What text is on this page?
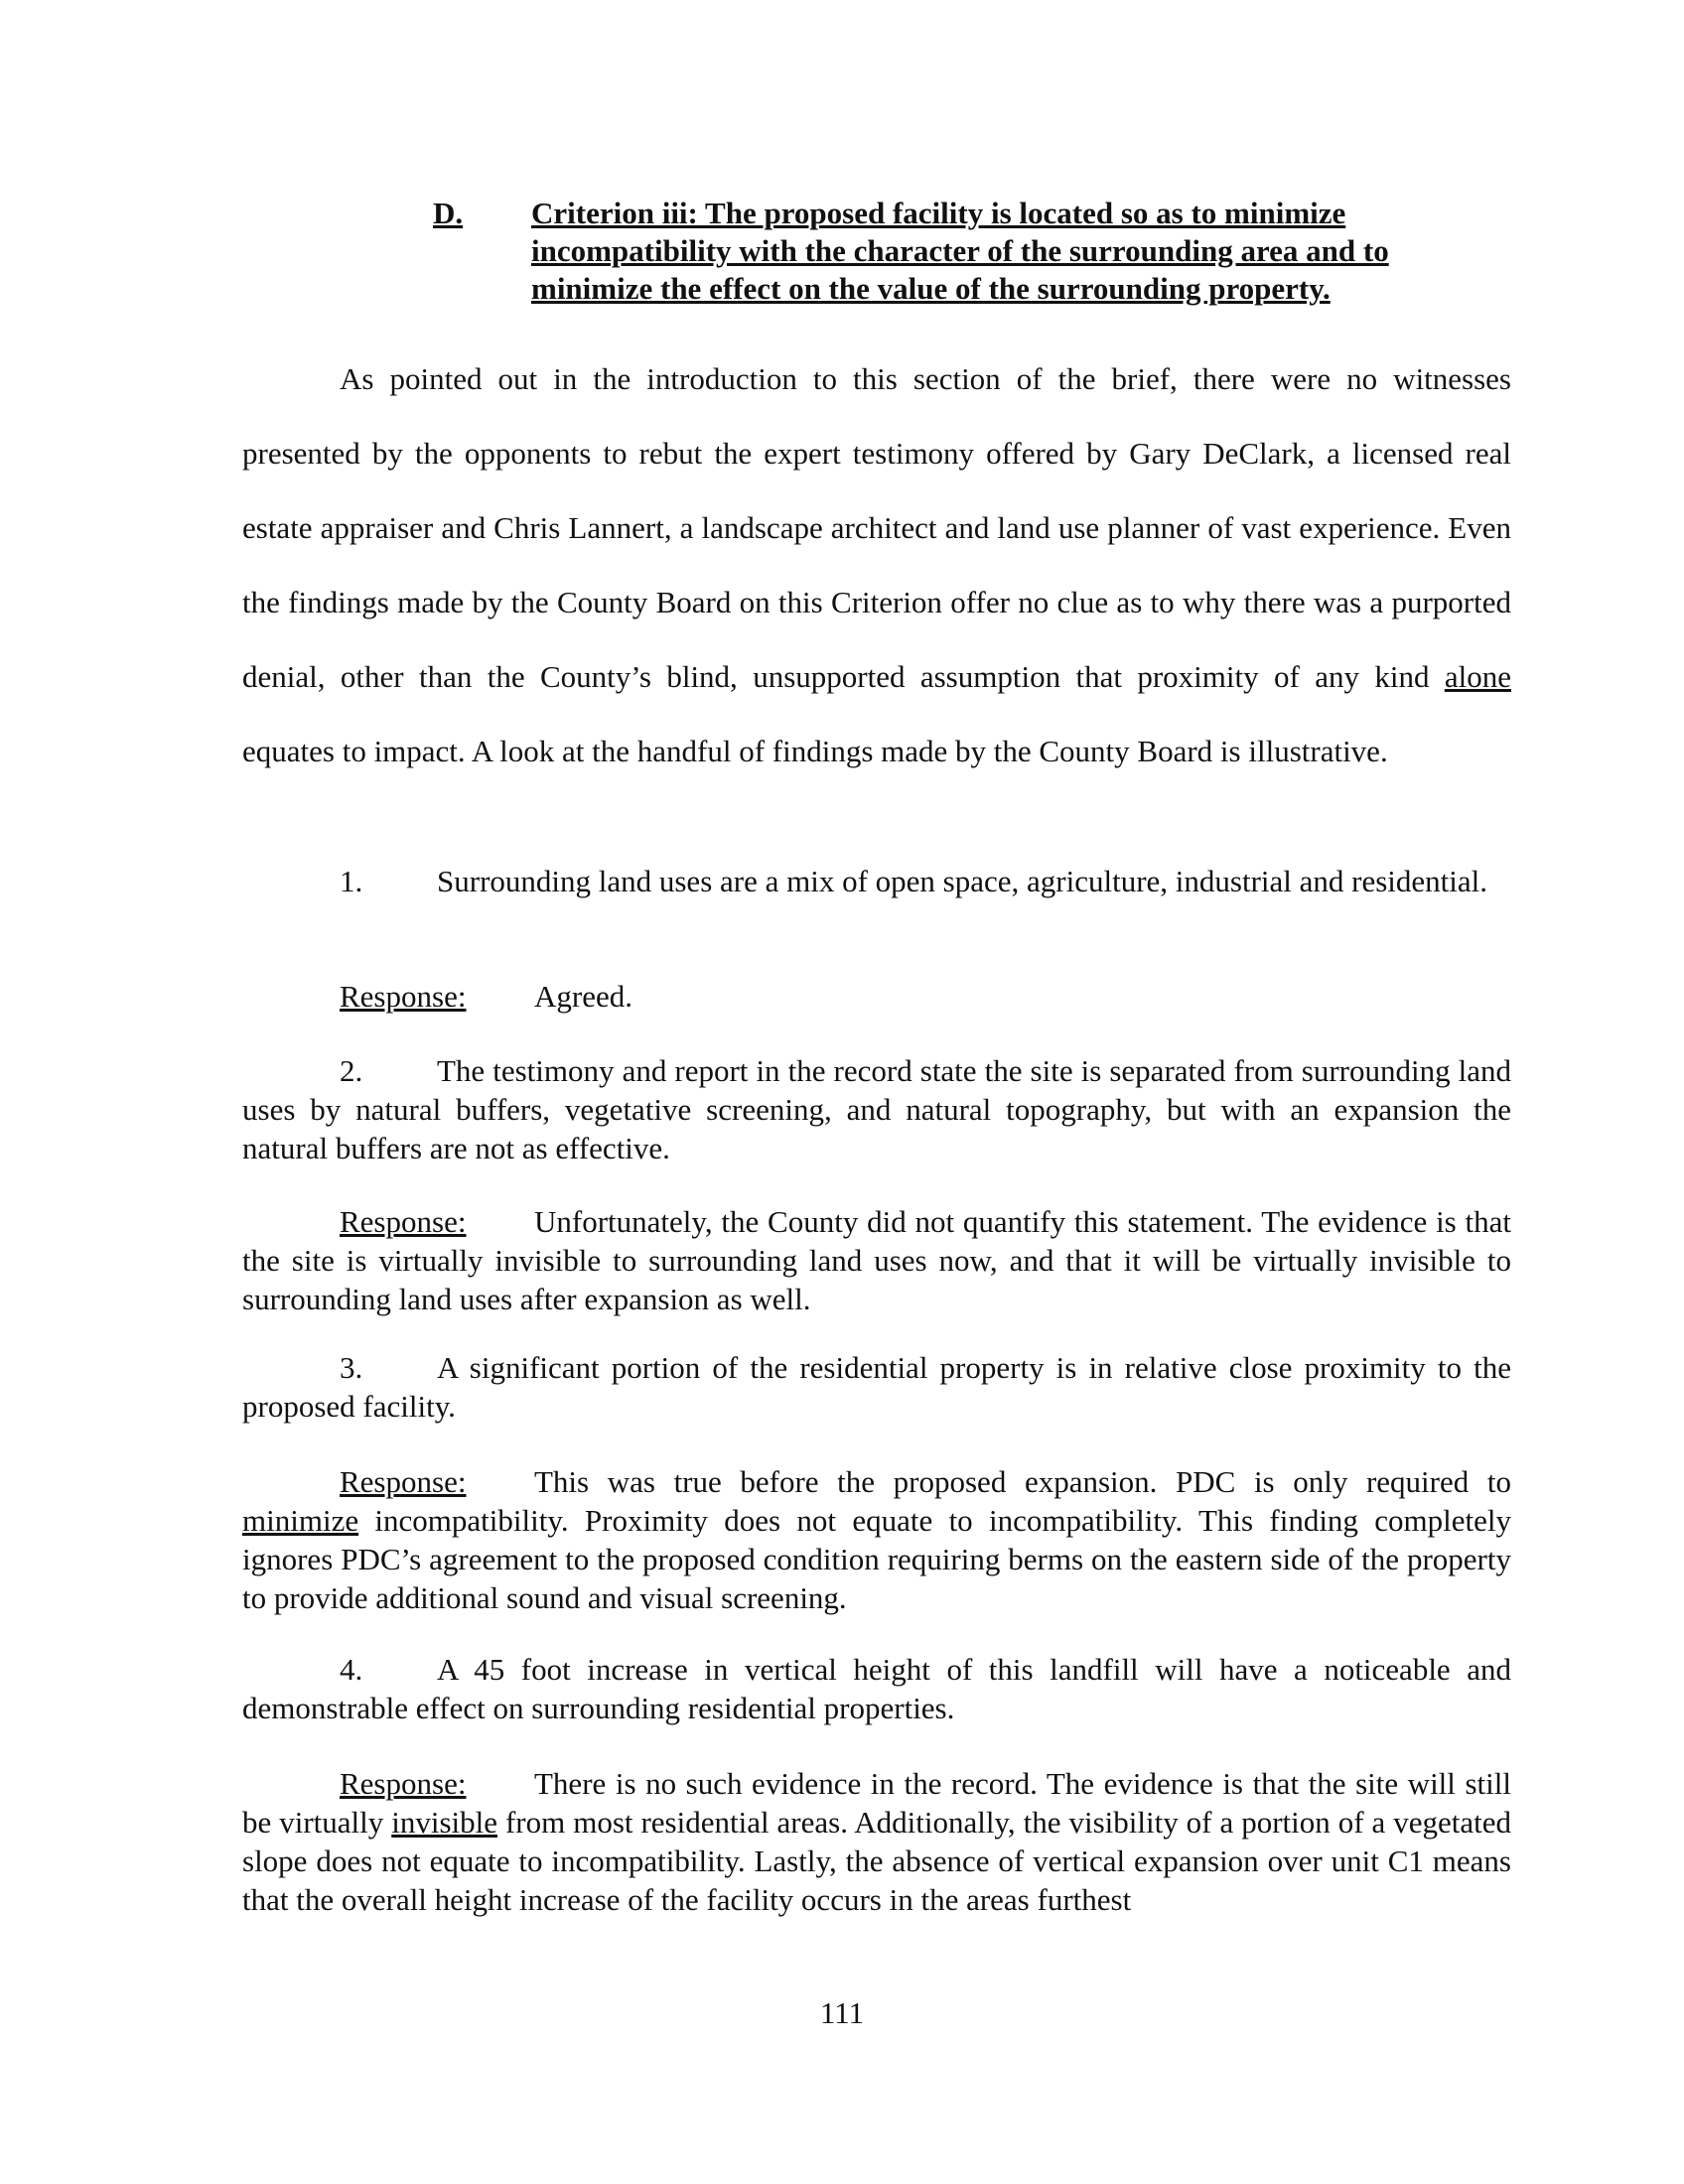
D. Criterion iii: The proposed facility is located so as to minimize incompatibility with the character of the surrounding area and to minimize the effect on the value of the surrounding property.
As pointed out in the introduction to this section of the brief, there were no witnesses presented by the opponents to rebut the expert testimony offered by Gary DeClark, a licensed real estate appraiser and Chris Lannert, a landscape architect and land use planner of vast experience. Even the findings made by the County Board on this Criterion offer no clue as to why there was a purported denial, other than the County’s blind, unsupported assumption that proximity of any kind alone equates to impact. A look at the handful of findings made by the County Board is illustrative.
1. Surrounding land uses are a mix of open space, agriculture, industrial and residential.
Response: Agreed.
2. The testimony and report in the record state the site is separated from surrounding land uses by natural buffers, vegetative screening, and natural topography, but with an expansion the natural buffers are not as effective.
Response: Unfortunately, the County did not quantify this statement. The evidence is that the site is virtually invisible to surrounding land uses now, and that it will be virtually invisible to surrounding land uses after expansion as well.
3. A significant portion of the residential property is in relative close proximity to the proposed facility.
Response: This was true before the proposed expansion. PDC is only required to minimize incompatibility. Proximity does not equate to incompatibility. This finding completely ignores PDC’s agreement to the proposed condition requiring berms on the eastern side of the property to provide additional sound and visual screening.
4. A 45 foot increase in vertical height of this landfill will have a noticeable and demonstrable effect on surrounding residential properties.
Response: There is no such evidence in the record. The evidence is that the site will still be virtually invisible from most residential areas. Additionally, the visibility of a portion of a vegetated slope does not equate to incompatibility. Lastly, the absence of vertical expansion over unit C1 means that the overall height increase of the facility occurs in the areas furthest
111
